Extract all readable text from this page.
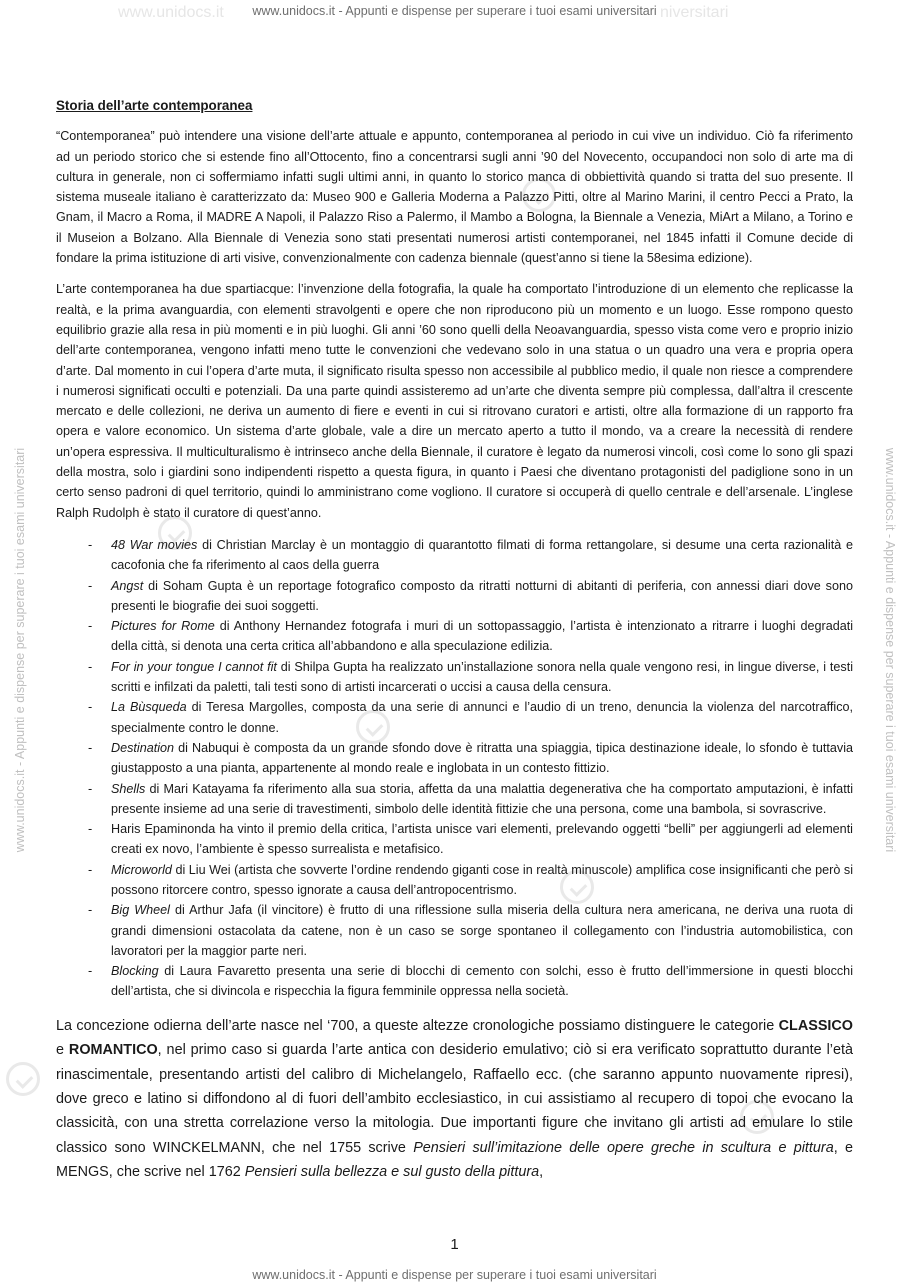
www.unidocs.it	niversitari
www.unidocs.it - Appunti e dispense per superare i tuoi esami universitari
www.unidocs.it - Appunti e dispense per superare i tuoi esami universitari	www.unidocs.it - Appunti e dispense per superare i tuoi esami universitari
Storia dell’arte contemporanea

“Contemporanea” può intendere una visione dell’arte attuale e appunto, contemporanea al periodo in cui vive un individuo. Ciò fa riferimento ad un periodo storico che si estende fino all’Ottocento, fino a concentrarsi sugli anni ’90 del Novecento, occupandoci non solo di arte ma di cultura in generale, non ci soffermiamo infatti sugli ultimi anni, in quanto lo storico manca di obbiettività quando si tratta del suo presente. Il sistema museale italiano è caratterizzato da: Museo 900 e Galleria Moderna a Palazzo Pitti, oltre al Marino Marini, il centro Pecci a Prato, la Gnam, il Macro a Roma, il MADRE A Napoli, il Palazzo Riso a Palermo, il Mambo a Bologna, la Biennale a Venezia, MiArt a Milano, a Torino e il Museion a Bolzano. Alla Biennale di Venezia sono stati presentati numerosi artisti contemporanei, nel 1845 infatti il Comune decide di fondare la prima istituzione di arti visive, convenzionalmente con cadenza biennale (quest’anno si tiene la 58esima edizione).

L’arte contemporanea ha due spartiacque: l’invenzione della fotografia, la quale ha comportato l’introduzione di un elemento che replicasse la realtà, e la prima avanguardia, con elementi stravolgenti e opere che non riproducono più un momento e un luogo. Esse rompono questo equilibrio grazie alla resa in più momenti e in più luoghi. Gli anni ’60 sono quelli della Neoavanguardia, spesso vista come vero e proprio inizio dell’arte contemporanea, vengono infatti meno tutte le convenzioni che vedevano solo in una statua o un quadro una vera e propria opera d’arte. Dal momento in cui l’opera d’arte muta, il significato risulta spesso non accessibile al pubblico medio, il quale non riesce a comprendere i numerosi significati occulti e potenziali. Da una parte quindi assisteremo ad un’arte che diventa sempre più complessa, dall’altra il crescente mercato e delle collezioni, ne deriva un aumento di fiere e eventi in cui si ritrovano curatori e artisti, oltre alla formazione di un rapporto fra opera e valore economico. Un sistema d’arte globale, vale a dire un mercato aperto a tutto il mondo, va a creare la necessità di rendere un’opera espressiva. Il multiculturalismo è intrinseco anche della Biennale, il curatore è legato da numerosi vincoli, così come lo sono gli spazi della mostra, solo i giardini sono indipendenti rispetto a questa figura, in quanto i Paesi che diventano protagonisti del padiglione sono in un certo senso padroni di quel territorio, quindi lo amministrano come vogliono. Il curatore si occuperà di quello centrale e dell’arsenale. L’inglese Ralph Rudolph è stato il curatore di quest’anno.

- 48 War movies di Christian Marclay è un montaggio di quarantotto filmati di forma rettangolare, si desume una certa razionalità e cacofonia che fa riferimento al caos della guerra
- Angst di Soham Gupta è un reportage fotografico composto da ritratti notturni di abitanti di periferia, con annessi diari dove sono presenti le biografie dei suoi soggetti.
- Pictures for Rome di Anthony Hernandez fotografa i muri di un sottopassaggio, l’artista è intenzionato a ritrarre i luoghi degradati della città, si denota una certa critica all’abbandono e alla speculazione edilizia.
- For in your tongue I cannot fit di Shilpa Gupta ha realizzato un’installazione sonora nella quale vengono resi, in lingue diverse, i testi scritti e infilzati da paletti, tali testi sono di artisti incarcerati o uccisi a causa della censura.
- La Bùsqueda di Teresa Margolles, composta da una serie di annunci e l’audio di un treno, denuncia la violenza del narcotraffico, specialmente contro le donne.
- Destination di Nabuqui è composta da un grande sfondo dove è ritratta una spiaggia, tipica destinazione ideale, lo sfondo è tuttavia giustapposto a una pianta, appartenente al mondo reale e inglobata in un contesto fittizio.
- Shells di Mari Katayama fa riferimento alla sua storia, affetta da una malattia degenerativa che ha comportato amputazioni, è infatti presente insieme ad una serie di travestimenti, simbolo delle identità fittizie che una persona, come una bambola, si sovrascrive.
- Haris Epaminonda ha vinto il premio della critica, l’artista unisce vari elementi, prelevando oggetti “belli” per aggiungerli ad elementi creati ex novo, l’ambiente è spesso surrealista e metafisico.
- Microworld di Liu Wei (artista che sovverte l’ordine rendendo giganti cose in realtà minuscole) amplifica cose insignificanti che però si possono ritorcere contro, spesso ignorate a causa dell’antropocentrismo.
- Big Wheel di Arthur Jafa (il vincitore) è frutto di una riflessione sulla miseria della cultura nera americana, ne deriva una ruota di grandi dimensioni ostacolata da catene, non è un caso se sorge spontaneo il collegamento con l’industria automobilistica, con lavoratori per la maggior parte neri.
- Blocking di Laura Favaretto presenta una serie di blocchi di cemento con solchi, esso è frutto dell’immersione in questi blocchi dell’artista, che si divincola e rispecchia la figura femminile oppressa nella società.

La concezione odierna dell’arte nasce nel ‘700, a queste altezze cronologiche possiamo distinguere le categorie CLASSICO e ROMANTICO, nel primo caso si guarda l’arte antica con desiderio emulativo; ciò si era verificato soprattutto durante l’età rinascimentale, presentando artisti del calibro di Michelangelo, Raffaello ecc. (che saranno appunto nuovamente ripresi), dove greco e latino si diffondono al di fuori dell’ambito ecclesiastico, in cui assistiamo al recupero di topoi che evocano la classicità, con una stretta correlazione verso la mitologia. Due importanti figure che invitano gli artisti ad emulare lo stile classico sono WINCKELMANN, che nel 1755 scrive Pensieri sull’imitazione delle opere greche in scultura e pittura, e MENGS, che scrive nel 1762 Pensieri sulla bellezza e sul gusto della pittura,

1
www.unidocs.it - Appunti e dispense per superare i tuoi esami universitari
